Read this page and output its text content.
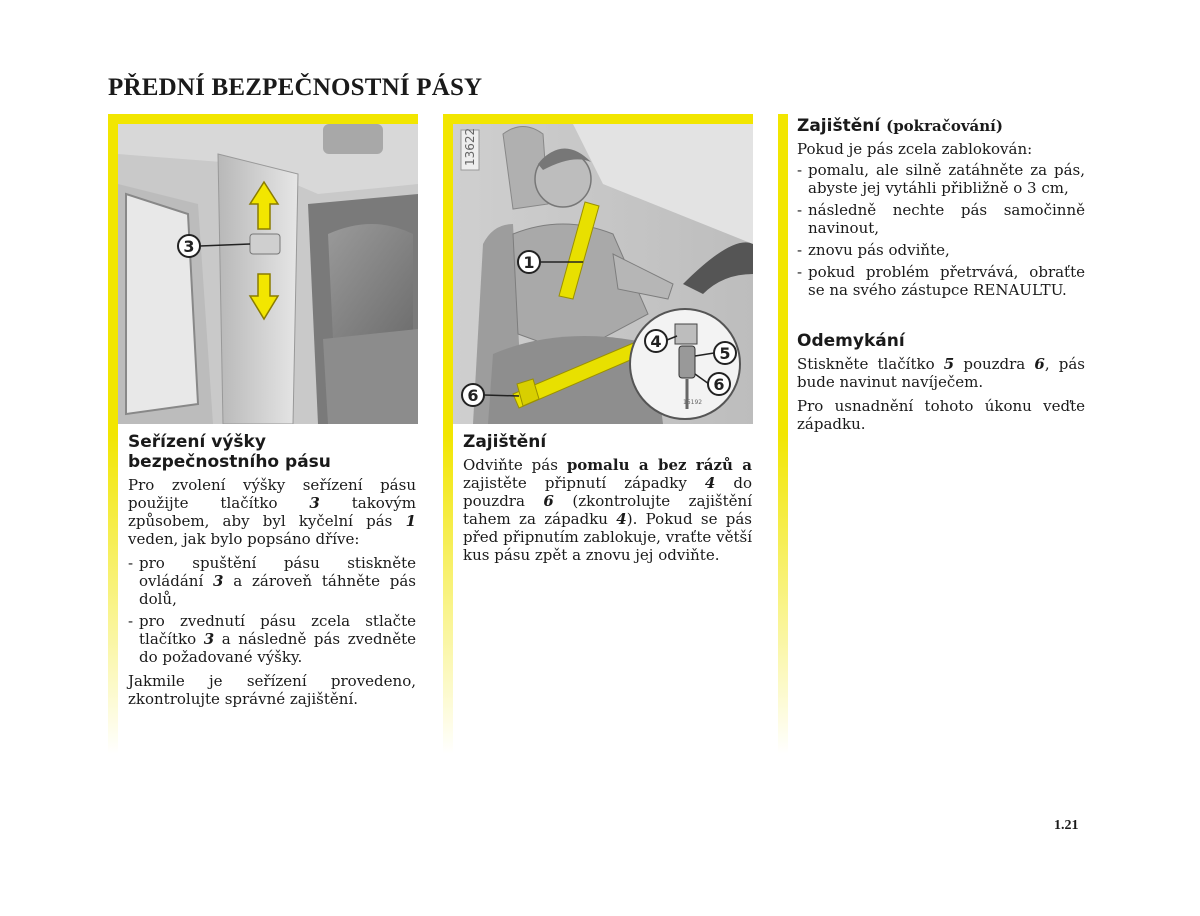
PŘEDNÍ BEZPEČNOSTNÍ PÁSY
3
15192
13622
1
4
5
6
6
Seřízení výšky bezpečnostního pásu

Pro zvolení výšky seřízení pásu použijte tlačítko 3 takovým způsobem, aby byl kyčelní pás 1 veden, jak bylo popsáno dříve:

- pro spuštění pásu stiskněte ovládání 3 a zároveň táhněte pás dolů,
- pro zvednutí pásu zcela stlačte tlačítko 3 a následně pás zvedněte do požadované výšky.

Jakmile je seřízení provedeno, zkontrolujte správné zajištění.

Zajištění

Odviňte pás pomalu a bez rázů a zajistěte připnutí západky 4 do pouzdra 6 (zkontrolujte zajištění tahem za západku 4). Pokud se pás před připnutím zablokuje, vraťte větší kus pásu zpět a znovu jej odviňte.

Zajištění (pokračování)

Pokud je pás zcela zablokován:

- pomalu, ale silně zatáhněte za pás, abyste jej vytáhli přibližně o 3 cm,
- následně nechte pás samočinně navinout,
- znovu pás odviňte,
- pokud problém přetrvává, obraťte se na svého zástupce RENAULTU.
Odemykání

Stiskněte tlačítko 5 pouzdra 6, pás bude navinut navíječem.

Pro usnadnění tohoto úkonu veďte západku.

1.21
